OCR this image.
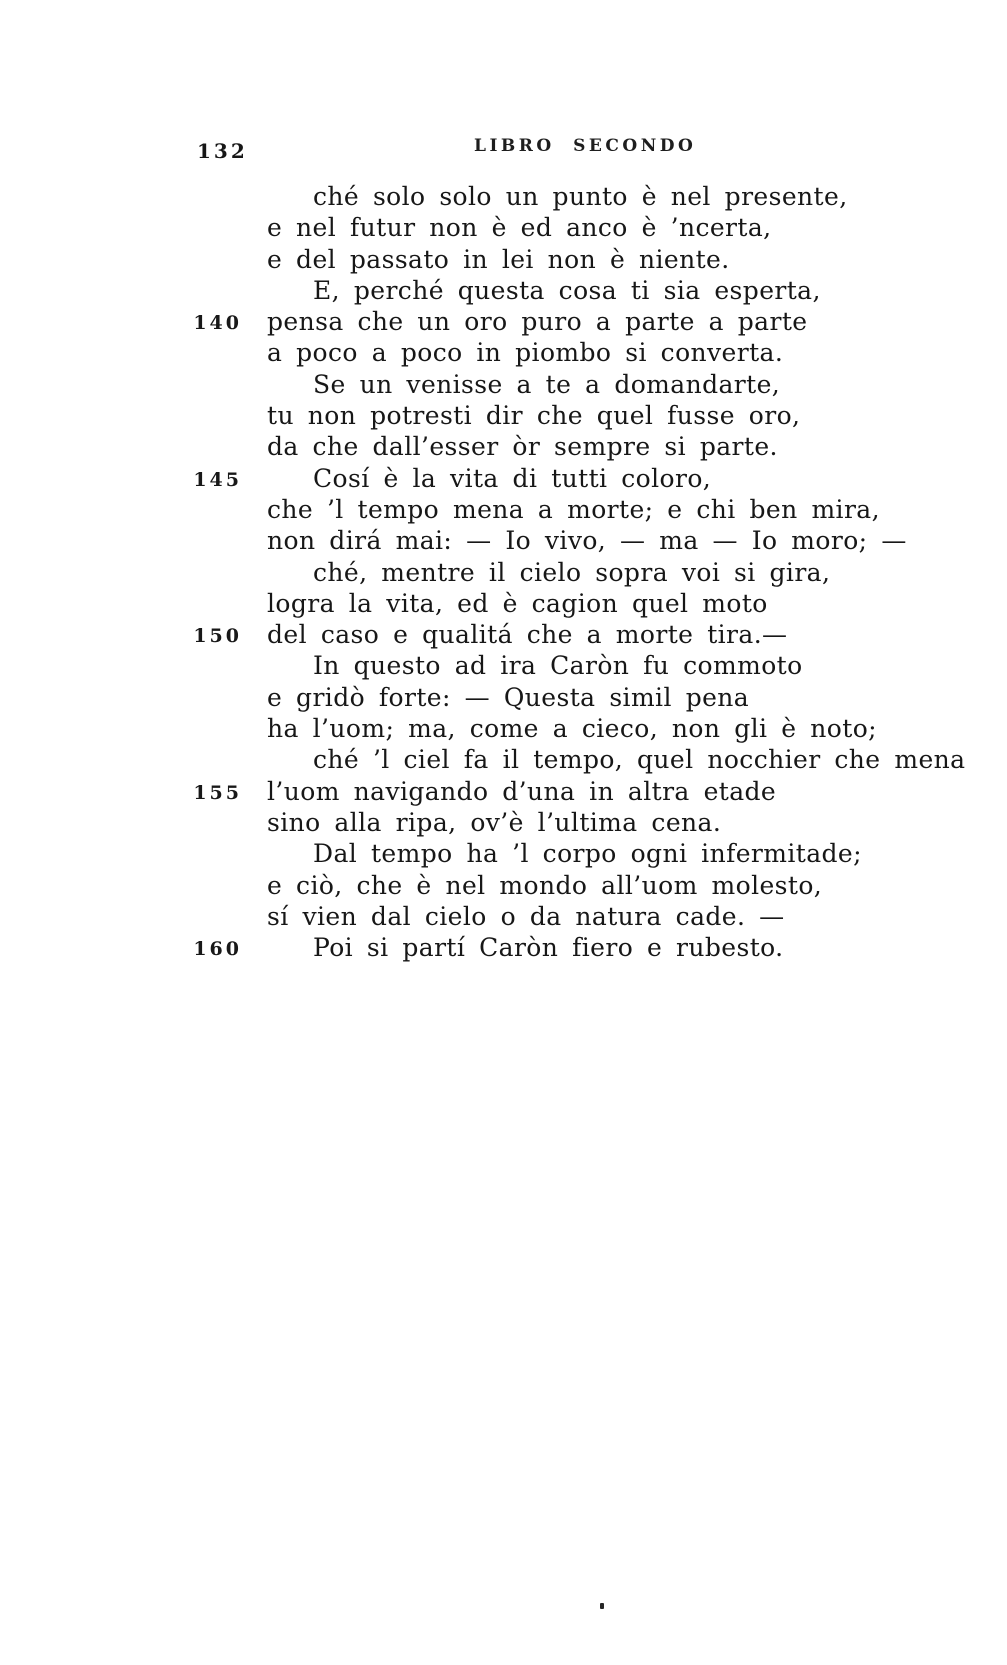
132	LIBRO SECONDO
ché solo solo un punto è nel presente,
e nel futur non è ed anco è ’ncerta,
e del passato in lei non è niente.
E, perché questa cosa ti sia esperta,
140 pensa che un oro puro a parte a parte
a poco a poco in piombo si converta.
Se un venisse a te a domandarte,
tu non potresti dir che quel fusse oro,
da che dall’esser òr sempre si parte.
145	Cosí è la vita di tutti coloro,
che ’l tempo mena a morte; e chi ben mira,
non dirá mai: — Io vivo, — ma — Io moro; —
ché, mentre il cielo sopra voi si gira,
logra la vita, ed è cagion quel moto
150 del caso e qualitá che a morte tira.—
In questo ad ira Caròn fu commoto
e gridò forte: — Questa simil pena
ha l’uom; ma, come a cieco, non gli è noto;
ché ’l ciel fa il tempo, quel nocchier che mena
155 l’uom navigando d’una in altra etade
sino alla ripa, ov’è l’ultima cena.
Dal tempo ha ’l corpo ogni infermitade;
e ciò, che è nel mondo all’uom molesto,
sí vien dal cielo o da natura cade. —
160	Poi si partí Caròn fiero e rubesto.
